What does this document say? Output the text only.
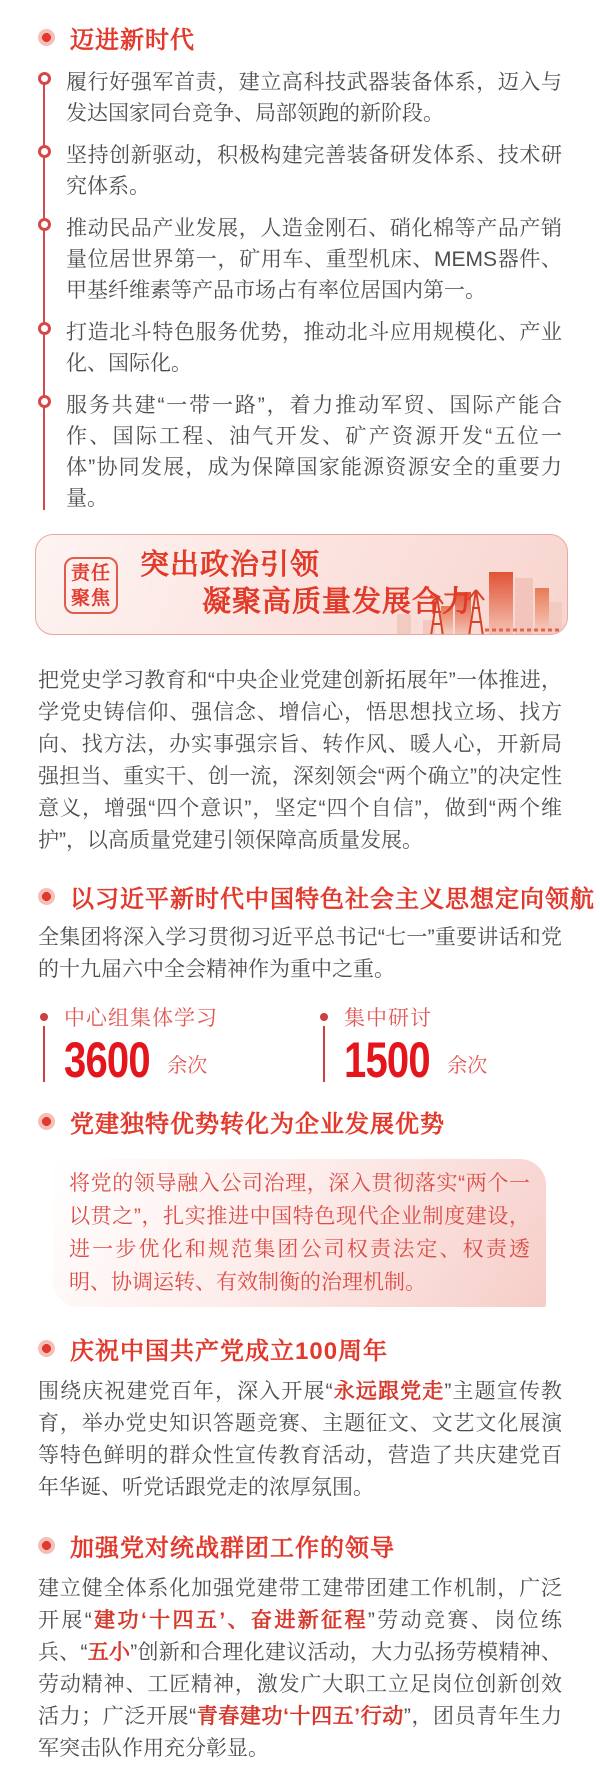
迈进新时代
履行好强军首责，建立高科技武器装备体系，迈入与发达国家同台竞争、局部领跑的新阶段。
坚持创新驱动，积极构建完善装备研发体系、技术研究体系。
推动民品产业发展，人造金刚石、硝化棉等产品产销量位居世界第一，矿用车、重型机床、MEMS器件、甲基纤维素等产品市场占有率位居国内第一。
打造北斗特色服务优势，推动北斗应用规模化、产业化、国际化。
服务共建“一带一路”，着力推动军贸、国际产能合作、国际工程、油气开发、矿产资源开发“五位一体”协同发展，成为保障国家能源资源安全的重要力量。
责任
聚焦
突出政治引领
凝聚高质量发展合力

把党史学习教育和“中央企业党建创新拓展年”一体推进，学党史铸信仰、强信念、增信心，悟思想找立场、找方向、找方法，办实事强宗旨、转作风、暖人心，开新局强担当、重实干、创一流，深刻领会“两个确立”的决定性意义，增强“四个意识”，坚定“四个自信”，做到“两个维护”，以高质量党建引领保障高质量发展。

以习近平新时代中国特色社会主义思想定向领航

全集团将深入学习贯彻习近平总书记“七一”重要讲话和党的十九届六中全会精神作为重中之重。

中心组集体学习
3600 余次
集中研讨
1500 余次
党建独特优势转化为企业发展优势
将党的领导融入公司治理，深入贯彻落实“两个一以贯之”，扎实推进中国特色现代企业制度建设，进一步优化和规范集团公司权责法定、权责透明、协调运转、有效制衡的治理机制。
庆祝中国共产党成立100周年

围绕庆祝建党百年，深入开展“永远跟党走”主题宣传教育，举办党史知识答题竞赛、主题征文、文艺文化展演等特色鲜明的群众性宣传教育活动，营造了共庆建党百年华诞、听党话跟党走的浓厚氛围。

加强党对统战群团工作的领导

建立健全体系化加强党建带工建带团建工作机制，广泛开展“建功‘十四五’、奋进新征程”劳动竞赛、岗位练兵、“五小”创新和合理化建议活动，大力弘扬劳模精神、劳动精神、工匠精神，激发广大职工立足岗位创新创效活力；广泛开展“青春建功‘十四五’行动”，团员青年生力军突击队作用充分彰显。
